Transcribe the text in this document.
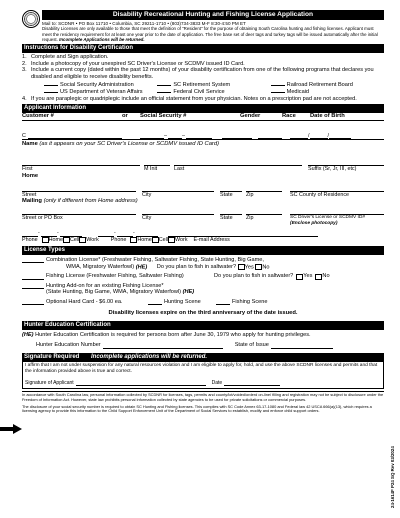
Disability Recreational Hunting and Fishing License Application
Mail to: SCDNR • PO Box 11710 • Columbia, SC 29211-1710 • (803)734-3833 M-F 8:30-4:50 PM ET
Disability Licenses are only available to those that meet the definition of "Resident" for the purpose of obtaining South Carolina hunting and fishing licenses. Applicant must meet the residency requirement for at least one year prior to the date of application. The free base set of deer tags and turkey tags will be issued automatically after the initial request. Incomplete Applications will be returned.
Instructions for Disability Certification
1. Complete and Sign application.
2. Include a photocopy of your unexpired SC Driver's License or SCDMV issued ID Card.
3. Include a current copy (dated within the past 12 months) of your disability certification from one of the following programs that declares you disabled and eligible to receive disability benefits.
Social Security Administration	SC Retirement System	Railroad Retirement Board
US Department of Veteran Affairs	Federal Civil Service	Medicaid
4. If you are paraplegic or quadriplegic include an official statement from your physician. Notes on a prescription pad are not accepted.
Applicant Information
Customer #	or	Social Security #	Gender	Race	Date of Birth
C	–	–	/	/
Name (as it appears on your SC Driver's License or SCDMV issued ID Card)
First	M Init	Last	Suffix (Sr, Jr, III, etc)
Home
Street	City	State	Zip	SC County of Residence
Mailing (only if different from Home address)
Street or PO Box	City	State	Zip	SC Driver's License or SCDMV ID#
(Enclose photocopy)
-	-	-	-
Phone Home Cell Work Phone Home Cell Work E-mail Address
License Types
Combination License* (Freshwater Fishing, Saltwater Fishing, State Hunting, Big Game,
WMA, Migratory Waterfowl) (HE) Do you plan to fish in saltwater? Yes No
Fishing License (Freshwater Fishing, Saltwater Fishing)	Do you plan to fish in saltwater? Yes No
Hunting Add-on for an existing Fishing License*
(State Hunting, Big Game, WMA, Migratory Waterfowl) (HE)
Optional Hard Card - $6.00 ea.	Hunting Scene	Fishing Scene
Disability licenses expire on the third anniversary of the date issued.
Hunter Education Certification
(HE) Hunter Education Certification is required for persons born after June 30, 1979 who apply for hunting privileges.
Hunter Education Number	State of Issue
Signature Required Incomplete applications will be returned.
I affirm that I am not under suspension for any natural resources violation and I am eligible to apply for, hold, and use the above SCDNR licenses and permits and that the information provided above is true and correct.
Signature of Applicant	Date
In accordance with South Carolina law, personal information collected by SCDNR for licenses, tags, permits and county/lot/voided/orderd on-line/ filling and registration may not be subject to disclosure under the Freedom of Information Act. However, state law prohibits personal information collected by state agencies to be used for private solicitations or commercial purposes.
The disclosure of your social security number is required to obtain SC Hunting and Fishing licenses. This complies with SC Code Annex 63-17-1080 and Federal law 42 USCA 666(a)(13), which requires a licensing agency to provide this information to the Child Support Enforcement Unit of the Department of Social Services to establish, modify and enforce child support orders.
24-1614F P24 SQ Rev 03/2024
